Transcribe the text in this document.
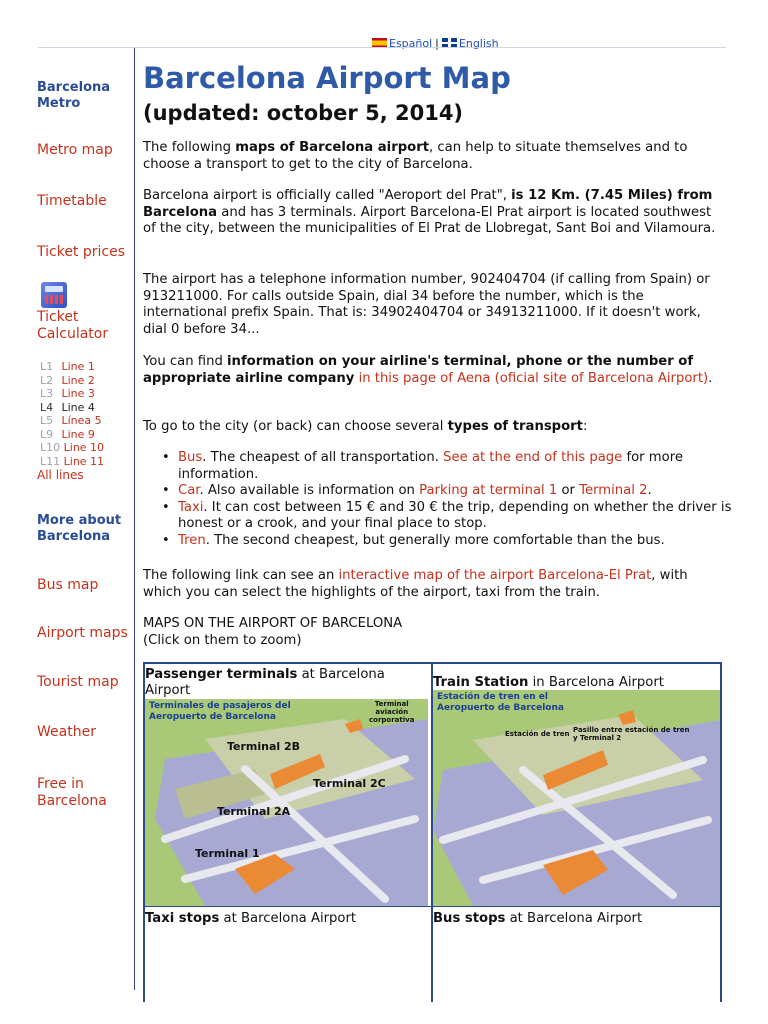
Español | English
Barcelona Metro
Metro map
Timetable
Ticket prices
Ticket Calculator
L1 Line 1
L2 Line 2
L3 Line 3
L4 Line 4
L5 Línea 5
L9 Line 9
L10 Line 10
L11 Line 11
All lines
More about Barcelona
Bus map
Airport maps
Tourist map
Weather
Free in Barcelona
Barcelona Airport Map
(updated: october 5, 2014)

The following maps of Barcelona airport, can help to situate themselves and to choose a transport to get to the city of Barcelona.

Barcelona airport is officially called "Aeroport del Prat", is 12 Km. (7.45 Miles) from Barcelona and has 3 terminals. Airport Barcelona-El Prat airport is located southwest of the city, between the municipalities of El Prat de Llobregat, Sant Boi and Vilamoura.

The airport has a telephone information number, 902404704 (if calling from Spain) or 913211000. For calls outside Spain, dial 34 before the number, which is the international prefix Spain. That is: 34902404704 or 34913211000. If it doesn't work, dial 0 before 34...

You can find information on your airline's terminal, phone or the number of appropriate airline company in this page of Aena (oficial site of Barcelona Airport).

To go to the city (or back) can choose several types of transport:

• Bus. The cheapest of all transportation. See at the end of this page for more information.
• Car. Also available is information on Parking at terminal 1 or Terminal 2.
• Taxi. It can cost between 15 € and 30 € the trip, depending on whether the driver is honest or a crook, and your final place to stop.
• Tren. The second cheapest, but generally more comfortable than the bus.

The following link can see an interactive map of the airport Barcelona-El Prat, with which you can select the highlights of the airport, taxi from the train.

MAPS ON THE AIRPORT OF BARCELONA
(Click on them to zoom)
Passenger terminals at Barcelona Airport
Train Station in Barcelona Airport
Terminales de pasajeros del
Aeropuerto de Barcelona
Terminal
aviación
corporativa
Terminal 2B
Terminal 2C
Terminal 2A
Terminal 1
Estación de tren en el
Aeropuerto de Barcelona
Estación de tren Pasillo entre estación de tren
y Terminal 2
Taxi stops at Barcelona Airport	Bus stops at Barcelona Airport
